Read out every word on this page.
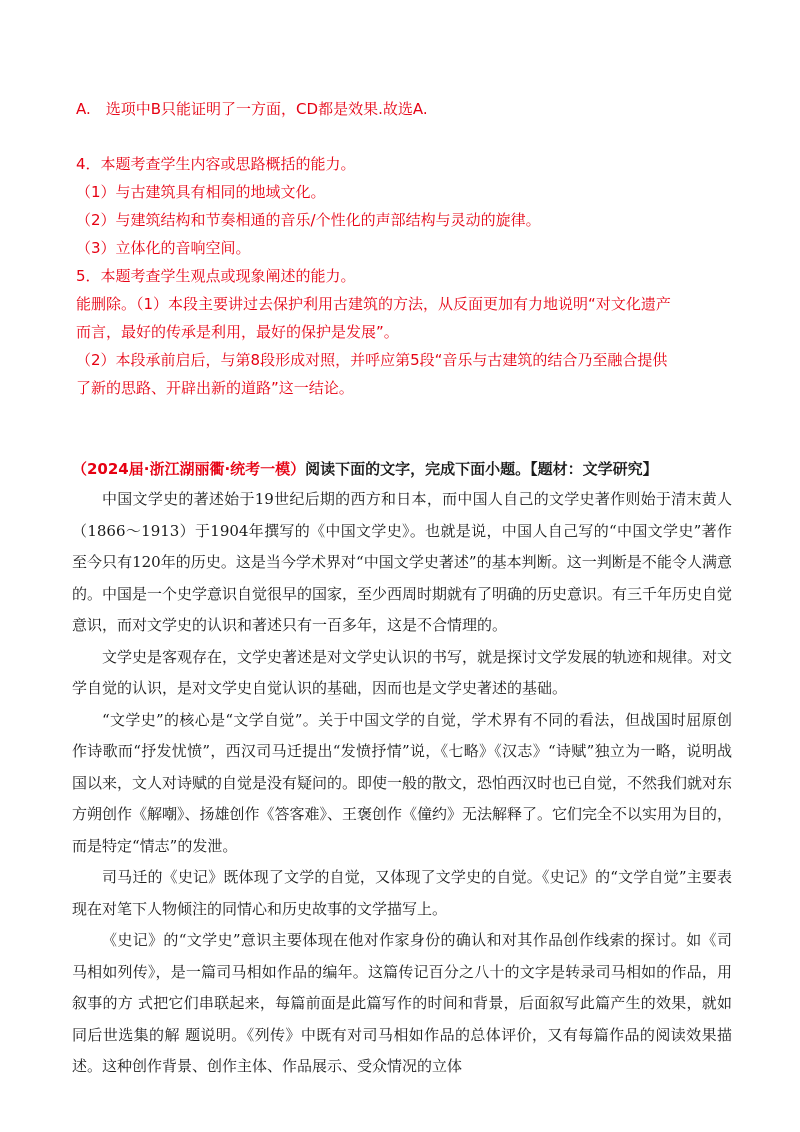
A.　选项中B只能证明了一方面，CD都是效果.故选A.
4．本题考查学生内容或思路概括的能力。
（1）与古建筑具有相同的地域文化。
（2）与建筑结构和节奏相通的音乐/个性化的声部结构与灵动的旋律。
（3）立体化的音响空间。
5．本题考查学生观点或现象阐述的能力。
能删除。（1）本段主要讲过去保护利用古建筑的方法，从反面更加有力地说明“对文化遗产
而言，最好的传承是利用，最好的保护是发展”。
（2）本段承前启后，与第8段形成对照，并呼应第5段“音乐与古建筑的结合乃至融合提供
了新的思路、开辟出新的道路”这一结论。
（2024届·浙江湖丽衢·统考一模）阅读下面的文字，完成下面小题。【题材：文学研究】

中国文学史的著述始于19世纪后期的西方和日本，而中国人自己的文学史著作则始于清末黄人（1866～1913）于1904年撰写的《中国文学史》。也就是说，中国人自己写的“中国文学史”著作至今只有120年的历史。这是当今学术界对“中国文学史著述”的基本判断。这一判断是不能令人满意的。中国是一个史学意识自觉很早的国家，至少西周时期就有了明确的历史意识。有三千年历史自觉意识，而对文学史的认识和著述只有一百多年，这是不合情理的。

文学史是客观存在，文学史著述是对文学史认识的书写，就是探讨文学发展的轨迹和规律。对文学自觉的认识，是对文学史自觉认识的基础，因而也是文学史著述的基础。

“文学史”的核心是“文学自觉”。关于中国文学的自觉，学术界有不同的看法，但战国时屈原创作诗歌而“抒发忧愤”，西汉司马迁提出“发愤抒情”说，《七略》《汉志》“诗赋”独立为一略，说明战国以来，文人对诗赋的自觉是没有疑问的。即使一般的散文，恐怕西汉时也已自觉，不然我们就对东方朔创作《解嘲》、扬雄创作《答客难》、王褒创作《僮约》无法解释了。它们完全不以实用为目的，而是特定“情志”的发泄。

司马迁的《史记》既体现了文学的自觉，又体现了文学史的自觉。《史记》的“文学自觉”主要表现在对笔下人物倾注的同情心和历史故事的文学描写上。

《史记》的“文学史”意识主要体现在他对作家身份的确认和对其作品创作线索的探讨。如《司马相如列传》，是一篇司马相如作品的编年。这篇传记百分之八十的文字是转录司马相如的作品，用叙事的方 式把它们串联起来，每篇前面是此篇写作的时间和背景，后面叙写此篇产生的效果，就如同后世选集的解 题说明。《列传》中既有对司马相如作品的总体评价，又有每篇作品的阅读效果描述。这种创作背景、创作主体、作品展示、受众情况的立体
